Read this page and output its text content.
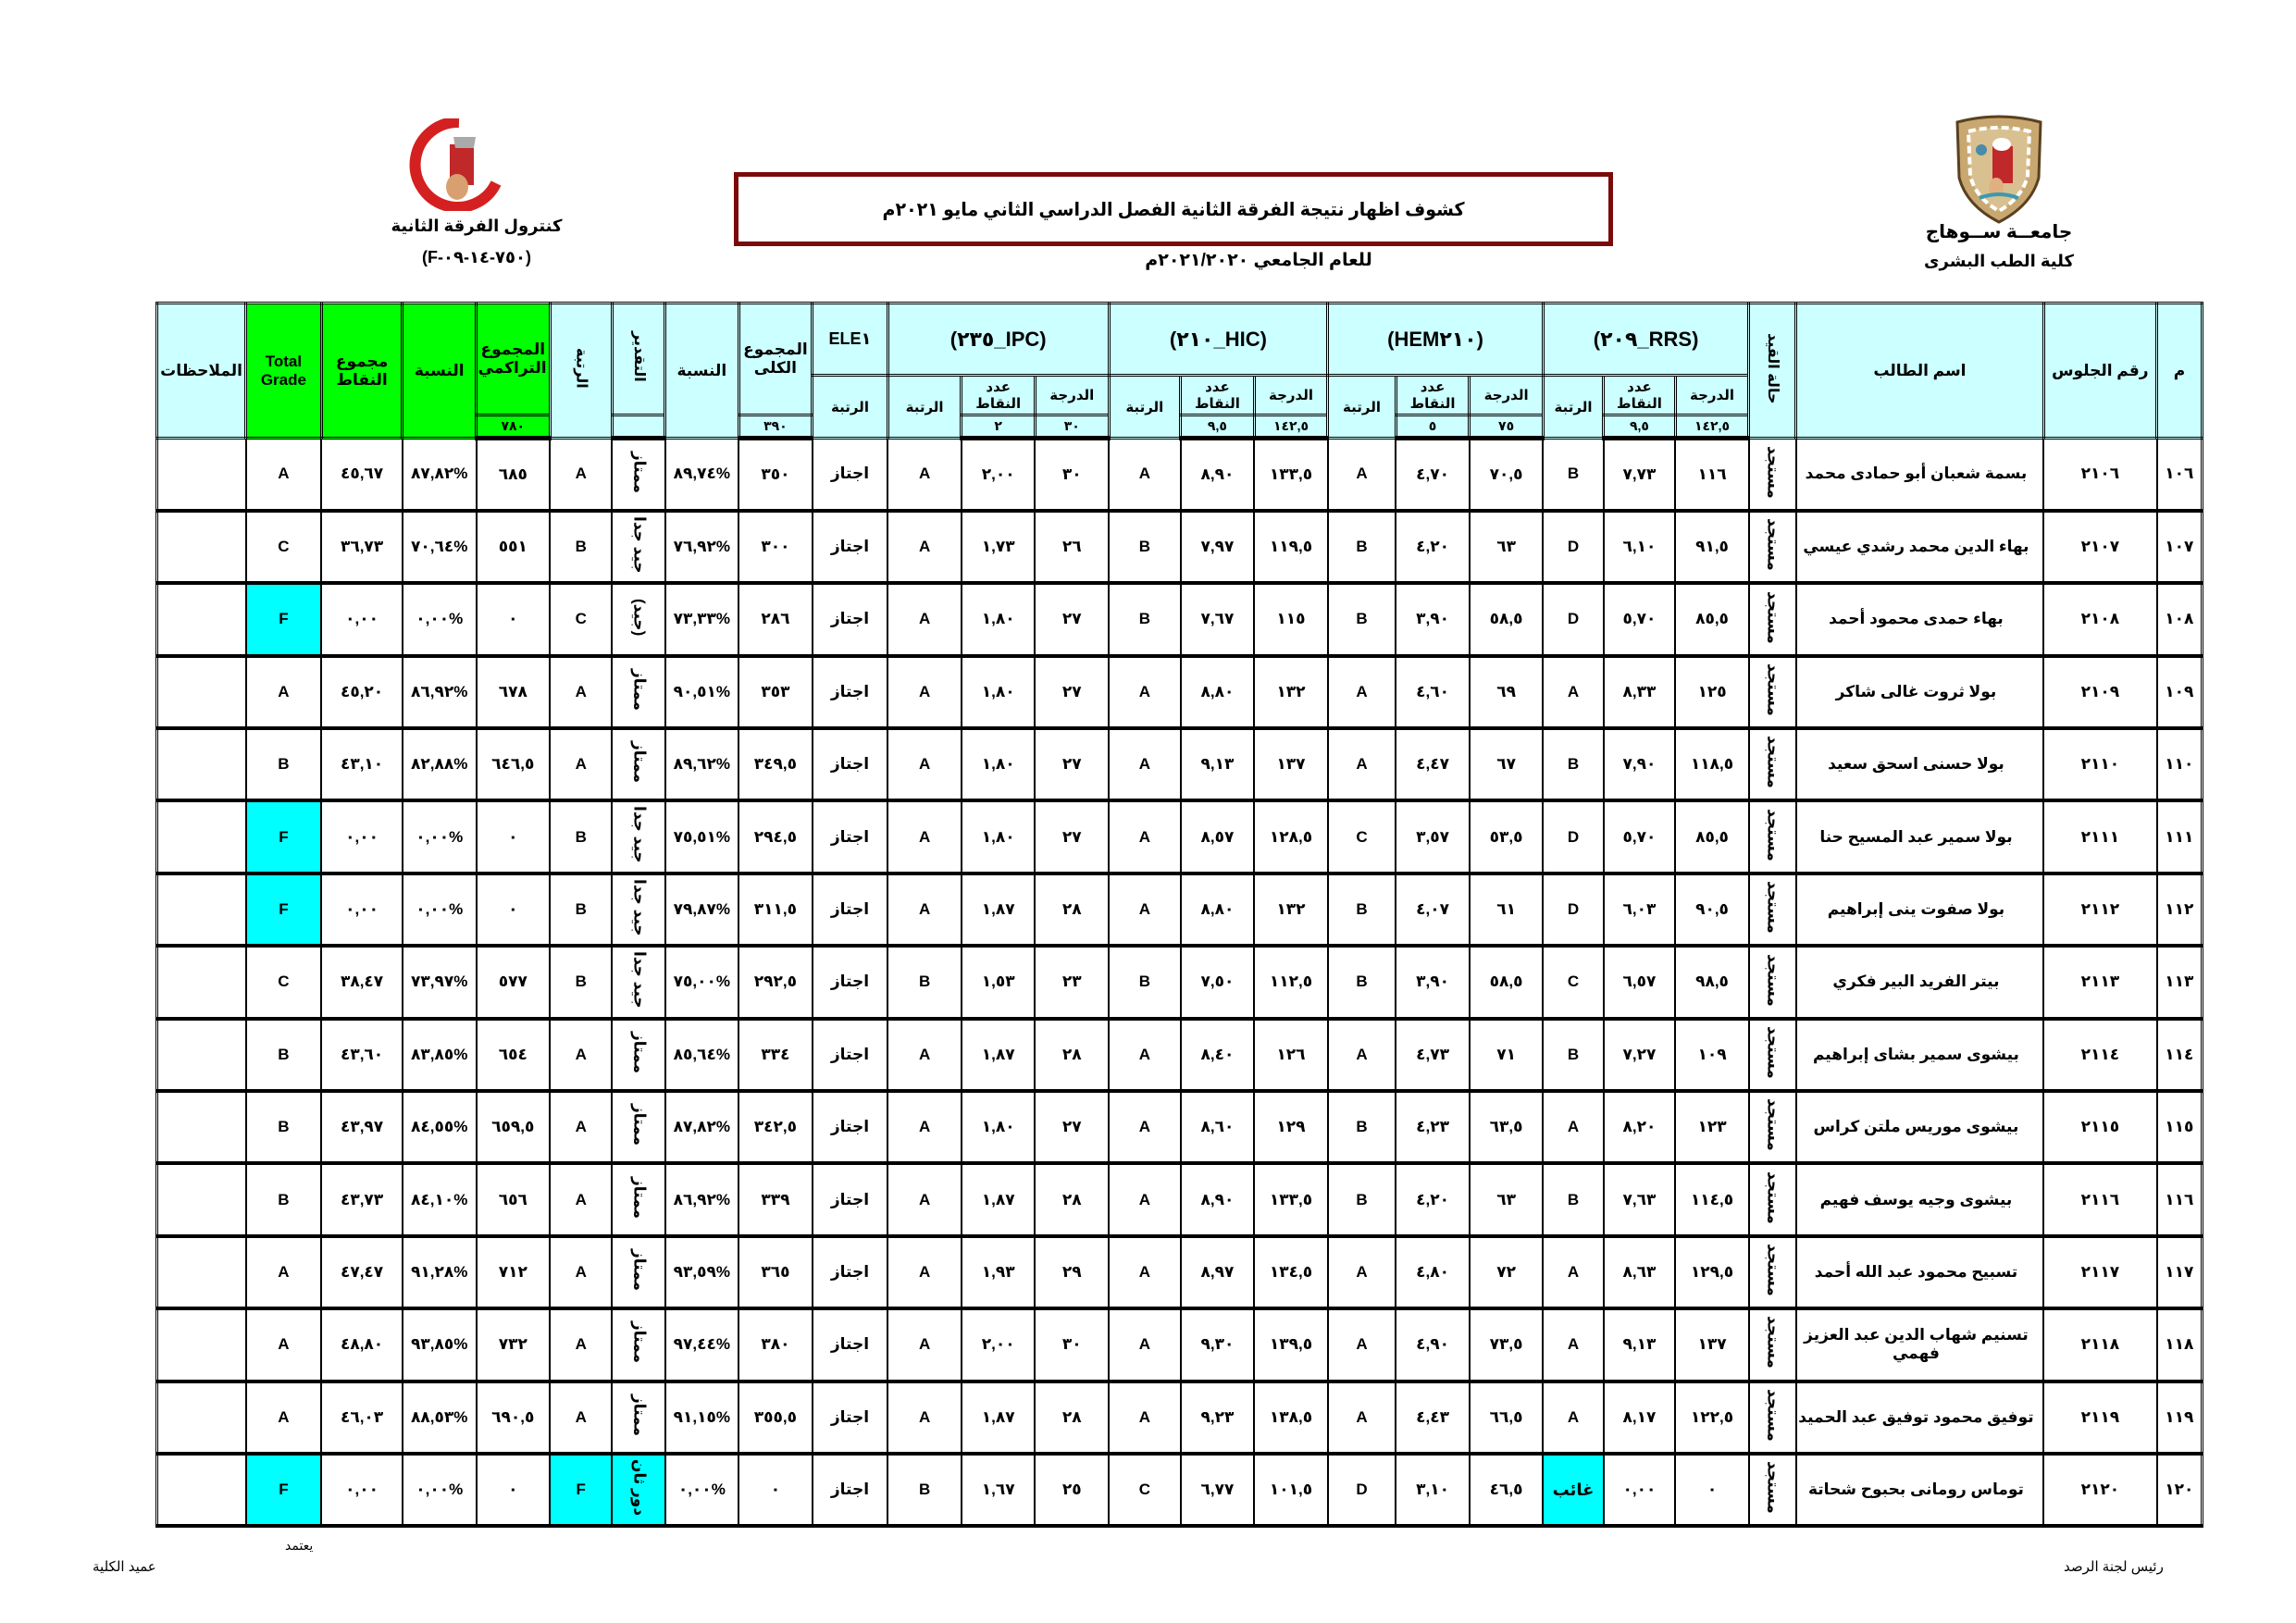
جامعــة ســوهاج
كلية الطب البشرى
كنترول الفرقة الثانية
(F-٧٥٠-١٤-٠٩)
كشوف اظهار نتيجة الفرقة الثانية الفصل الدراسي الثاني مايو ٢٠٢١م
للعام الجامعي ٢٠٢١/٢٠٢٠م
م	رقم الجلوس	اسم الطالب	حالة القيد	(RRS_٢٠٩)			(HEM٢١٠)			(HIC_٢١٠)			(IPC_٢٣٥)			ELE١	المجموع الكلى	النسبة	التقدير	الرتبة	المجموع التراكمي	النسبة	مجموع النقاط	Total Grade	الملاحظات
				الدرجة	عدد النقاط	الرتبة	الدرجة	عدد النقاط	الرتبة	الدرجة	عدد النقاط	الرتبة	الدرجة	عدد النقاط	الرتبة	الرتبة									
				١٤٢,٥	٩,٥		٧٥	٥		١٤٢,٥	٩,٥		٣٠	٢			٣٩٠				٧٨٠				
١٠٦	٢١٠٦	بسمة شعبان أبو حمادى محمد	مستجد	١١٦	٧,٧٣	B	٧٠,٥	٤,٧٠	A	١٣٣,٥	٨,٩٠	A	٣٠	٢,٠٠	A	اجتاز	٣٥٠	%٨٩,٧٤	ممتاز	A	٦٨٥	%٨٧,٨٢	٤٥,٦٧	A	
١٠٧	٢١٠٧	بهاء الدين محمد رشدي عيسي	مستجد	٩١,٥	٦,١٠	D	٦٣	٤,٢٠	B	١١٩,٥	٧,٩٧	B	٢٦	١,٧٣	A	اجتاز	٣٠٠	%٧٦,٩٢	جيد جدا	B	٥٥١	%٧٠,٦٤	٣٦,٧٣	C	
١٠٨	٢١٠٨	بهاء حمدى محمود أحمد	مستجد	٨٥,٥	٥,٧٠	D	٥٨,٥	٣,٩٠	B	١١٥	٧,٦٧	B	٢٧	١,٨٠	A	اجتاز	٢٨٦	%٧٣,٣٣	(جيد)	C	٠	%٠,٠٠	٠,٠٠	F	
١٠٩	٢١٠٩	بولا ثروت غالى شاكر	مستجد	١٢٥	٨,٣٣	A	٦٩	٤,٦٠	A	١٣٢	٨,٨٠	A	٢٧	١,٨٠	A	اجتاز	٣٥٣	%٩٠,٥١	ممتاز	A	٦٧٨	%٨٦,٩٢	٤٥,٢٠	A	
١١٠	٢١١٠	بولا حسنى اسحق سعيد	مستجد	١١٨,٥	٧,٩٠	B	٦٧	٤,٤٧	A	١٣٧	٩,١٣	A	٢٧	١,٨٠	A	اجتاز	٣٤٩,٥	%٨٩,٦٢	ممتاز	A	٦٤٦,٥	%٨٢,٨٨	٤٣,١٠	B	
١١١	٢١١١	بولا سمير عبد المسيح حنا	مستجد	٨٥,٥	٥,٧٠	D	٥٣,٥	٣,٥٧	C	١٢٨,٥	٨,٥٧	A	٢٧	١,٨٠	A	اجتاز	٢٩٤,٥	%٧٥,٥١	جيد جدا	B	٠	%٠,٠٠	٠,٠٠	F	
١١٢	٢١١٢	بولا صفوت ينى إبراهيم	مستجد	٩٠,٥	٦,٠٣	D	٦١	٤,٠٧	B	١٣٢	٨,٨٠	A	٢٨	١,٨٧	A	اجتاز	٣١١,٥	%٧٩,٨٧	جيد جدا	B	٠	%٠,٠٠	٠,٠٠	F	
١١٣	٢١١٣	بيتر الفريد البير فكري	مستجد	٩٨,٥	٦,٥٧	C	٥٨,٥	٣,٩٠	B	١١٢,٥	٧,٥٠	B	٢٣	١,٥٣	B	اجتاز	٢٩٢,٥	%٧٥,٠٠	جيد جدا	B	٥٧٧	%٧٣,٩٧	٣٨,٤٧	C	
١١٤	٢١١٤	بيشوى سمير بشاى إبراهيم	مستجد	١٠٩	٧,٢٧	B	٧١	٤,٧٣	A	١٢٦	٨,٤٠	A	٢٨	١,٨٧	A	اجتاز	٣٣٤	%٨٥,٦٤	ممتاز	A	٦٥٤	%٨٣,٨٥	٤٣,٦٠	B	
١١٥	٢١١٥	بيشوى موريس ملتن كراس	مستجد	١٢٣	٨,٢٠	A	٦٣,٥	٤,٢٣	B	١٢٩	٨,٦٠	A	٢٧	١,٨٠	A	اجتاز	٣٤٢,٥	%٨٧,٨٢	ممتاز	A	٦٥٩,٥	%٨٤,٥٥	٤٣,٩٧	B	
١١٦	٢١١٦	بيشوى وجيه يوسف فهيم	مستجد	١١٤,٥	٧,٦٣	B	٦٣	٤,٢٠	B	١٣٣,٥	٨,٩٠	A	٢٨	١,٨٧	A	اجتاز	٣٣٩	%٨٦,٩٢	ممتاز	A	٦٥٦	%٨٤,١٠	٤٣,٧٣	B	
١١٧	٢١١٧	تسبيح محمود عبد الله أحمد	مستجد	١٢٩,٥	٨,٦٣	A	٧٢	٤,٨٠	A	١٣٤,٥	٨,٩٧	A	٢٩	١,٩٣	A	اجتاز	٣٦٥	%٩٣,٥٩	ممتاز	A	٧١٢	%٩١,٢٨	٤٧,٤٧	A	
١١٨	٢١١٨	تسنيم شهاب الدين عبد العزيز فهمي	مستجد	١٣٧	٩,١٣	A	٧٣,٥	٤,٩٠	A	١٣٩,٥	٩,٣٠	A	٣٠	٢,٠٠	A	اجتاز	٣٨٠	%٩٧,٤٤	ممتاز	A	٧٣٢	%٩٣,٨٥	٤٨,٨٠	A	
١١٩	٢١١٩	توفيق محمود توفيق عبد الحميد	مستجد	١٢٢,٥	٨,١٧	A	٦٦,٥	٤,٤٣	A	١٣٨,٥	٩,٢٣	A	٢٨	١,٨٧	A	اجتاز	٣٥٥,٥	%٩١,١٥	ممتاز	A	٦٩٠,٥	%٨٨,٥٣	٤٦,٠٣	A	
١٢٠	٢١٢٠	توماس رومانى بحبوح شحاتة	مستجد	٠	٠,٠٠	غائب	٤٦,٥	٣,١٠	D	١٠١,٥	٦,٧٧	C	٢٥	١,٦٧	B	اجتاز	٠	%٠,٠٠	دور ثان	F	٠	%٠,٠٠	٠,٠٠	F	
رئيس لجنة الرصد
يعتمد
عميد الكلية
